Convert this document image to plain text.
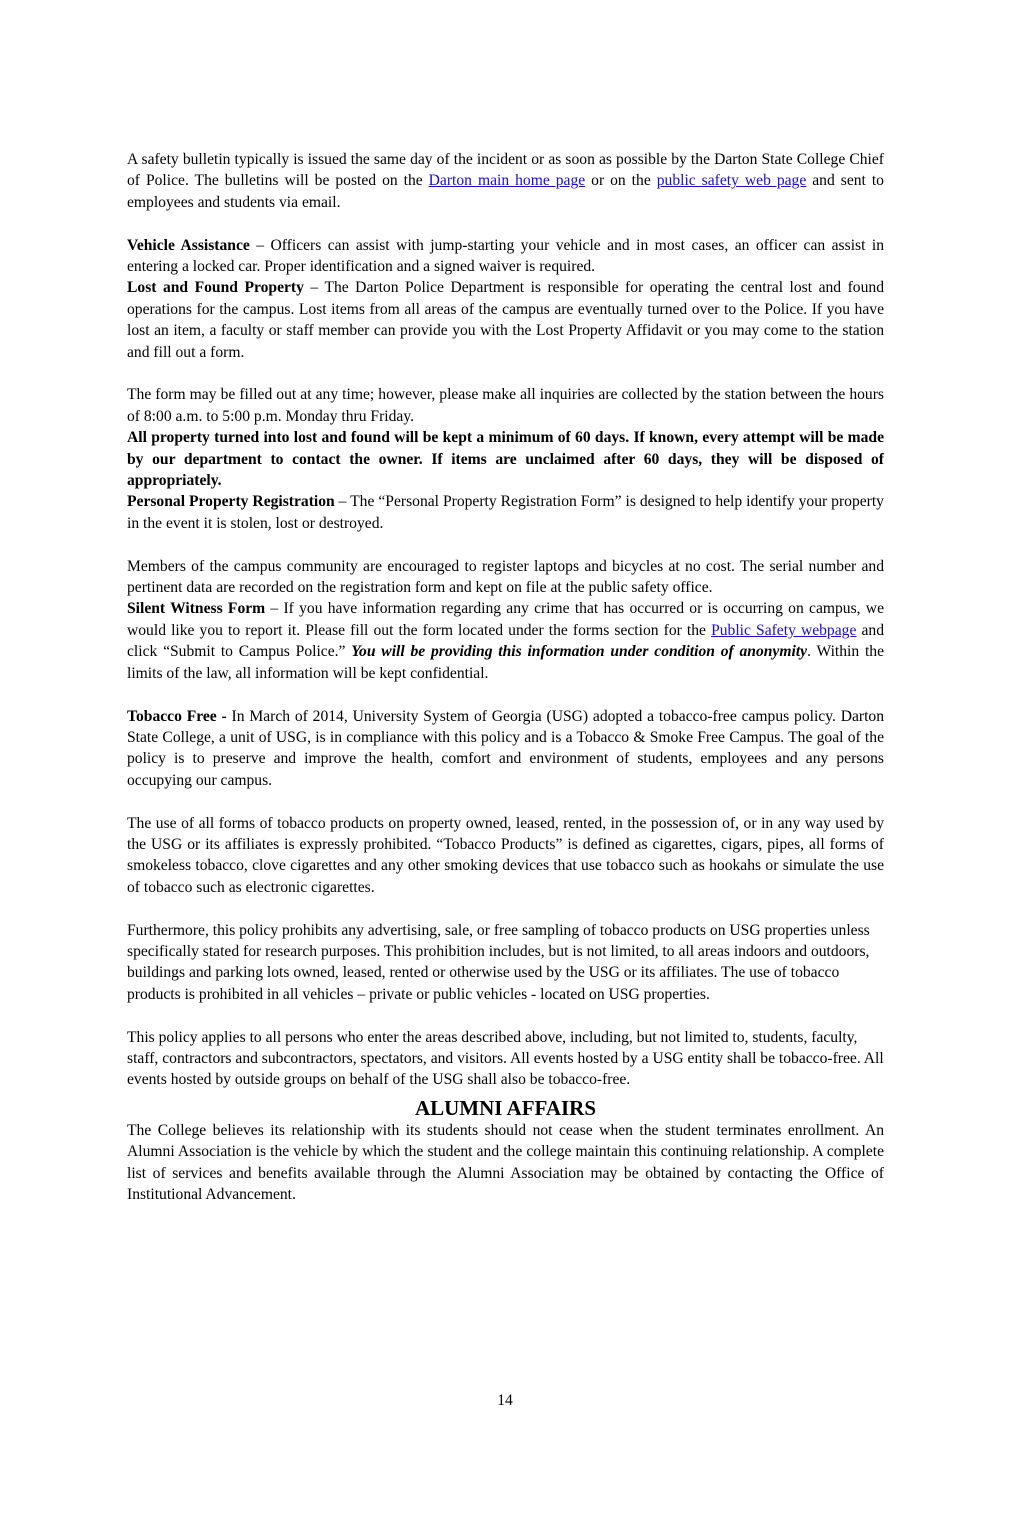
A safety bulletin typically is issued the same day of the incident or as soon as possible by the Darton State College Chief of Police. The bulletins will be posted on the Darton main home page or on the public safety web page and sent to employees and students via email.

Vehicle Assistance – Officers can assist with jump-starting your vehicle and in most cases, an officer can assist in entering a locked car. Proper identification and a signed waiver is required.

Lost and Found Property – The Darton Police Department is responsible for operating the central lost and found operations for the campus. Lost items from all areas of the campus are eventually turned over to the Police. If you have lost an item, a faculty or staff member can provide you with the Lost Property Affidavit or you may come to the station and fill out a form.

The form may be filled out at any time; however, please make all inquiries are collected by the station between the hours of 8:00 a.m. to 5:00 p.m. Monday thru Friday.

All property turned into lost and found will be kept a minimum of 60 days. If known, every attempt will be made by our department to contact the owner. If items are unclaimed after 60 days, they will be disposed of appropriately.

Personal Property Registration – The “Personal Property Registration Form” is designed to help identify your property in the event it is stolen, lost or destroyed.

Members of the campus community are encouraged to register laptops and bicycles at no cost. The serial number and pertinent data are recorded on the registration form and kept on file at the public safety office.

Silent Witness Form – If you have information regarding any crime that has occurred or is occurring on campus, we would like you to report it. Please fill out the form located under the forms section for the Public Safety webpage and click “Submit to Campus Police.” You will be providing this information under condition of anonymity. Within the limits of the law, all information will be kept confidential.

Tobacco Free - In March of 2014, University System of Georgia (USG) adopted a tobacco-free campus policy. Darton State College, a unit of USG, is in compliance with this policy and is a Tobacco & Smoke Free Campus. The goal of the policy is to preserve and improve the health, comfort and environment of students, employees and any persons occupying our campus.

The use of all forms of tobacco products on property owned, leased, rented, in the possession of, or in any way used by the USG or its affiliates is expressly prohibited. “Tobacco Products” is defined as cigarettes, cigars, pipes, all forms of smokeless tobacco, clove cigarettes and any other smoking devices that use tobacco such as hookahs or simulate the use of tobacco such as electronic cigarettes.

Furthermore, this policy prohibits any advertising, sale, or free sampling of tobacco products on USG properties unless specifically stated for research purposes. This prohibition includes, but is not limited, to all areas indoors and outdoors, buildings and parking lots owned, leased, rented or otherwise used by the USG or its affiliates. The use of tobacco products is prohibited in all vehicles – private or public vehicles - located on USG properties.

This policy applies to all persons who enter the areas described above, including, but not limited to, students, faculty, staff, contractors and subcontractors, spectators, and visitors. All events hosted by a USG entity shall be tobacco-free. All events hosted by outside groups on behalf of the USG shall also be tobacco-free.

ALUMNI AFFAIRS

The College believes its relationship with its students should not cease when the student terminates enrollment. An Alumni Association is the vehicle by which the student and the college maintain this continuing relationship. A complete list of services and benefits available through the Alumni Association may be obtained by contacting the Office of Institutional Advancement.

14
